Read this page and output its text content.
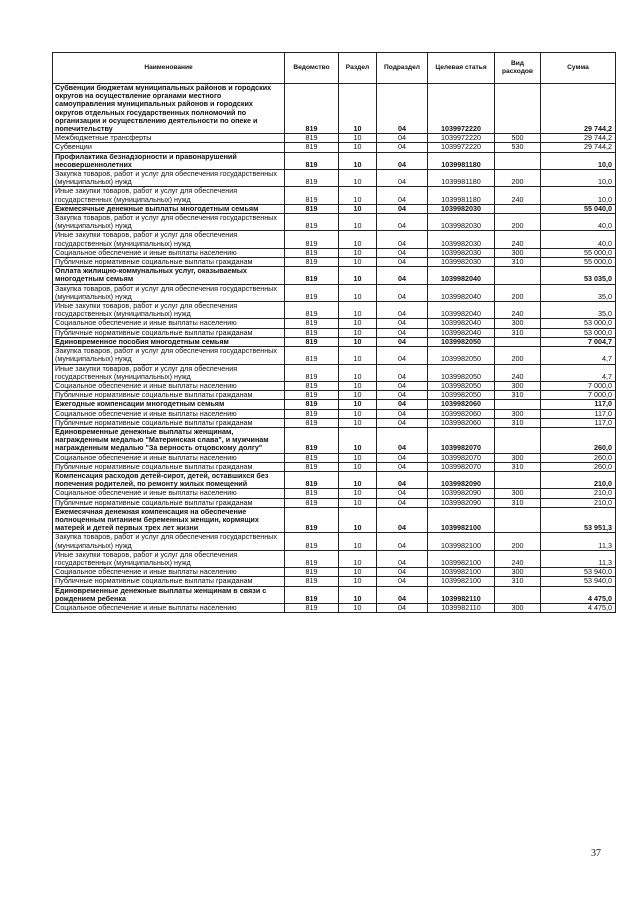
Наименование	Ведомство	Раздел	Подраздел	Целевая статья	Вид расходов	Сумма
Субвенции бюджетам муниципальных районов и городских округов на осуществление органами местного самоуправления муниципальных районов и городских округов отдельных государственных полномочий по организации и осуществлению деятельности по опеке и попечительству	819	10	04	1039972220		29 744,2
Межбюджетные трансферты	819	10	04	1039972220	500	29 744,2
Субвенции	819	10	04	1039972220	530	29 744,2
Профилактика безнадзорности и правонарушений несовершеннолетних	819	10	04	1039981180		10,0
Закупка товаров, работ и услуг для обеспечения государственных (муниципальных) нужд	819	10	04	1039981180	200	10,0
Иные закупки товаров, работ и услуг для обеспечения государственных (муниципальных) нужд	819	10	04	1039981180	240	10,0
Ежемесячные денежные выплаты многодетным семьям	819	10	04	1039982030		55 040,0
Закупка товаров, работ и услуг для обеспечения государственных (муниципальных) нужд	819	10	04	1039982030	200	40,0
Иные закупки товаров, работ и услуг для обеспечения государственных (муниципальных) нужд	819	10	04	1039982030	240	40,0
Социальное обеспечение и иные выплаты населению	819	10	04	1039982030	300	55 000,0
Публичные нормативные социальные выплаты гражданам	819	10	04	1039982030	310	55 000,0
Оплата жилищно-коммунальных услуг, оказываемых многодетным семьям	819	10	04	1039982040		53 035,0
Закупка товаров, работ и услуг для обеспечения государственных (муниципальных) нужд	819	10	04	1039982040	200	35,0
Иные закупки товаров, работ и услуг для обеспечения государственных (муниципальных) нужд	819	10	04	1039982040	240	35,0
Социальное обеспечение и иные выплаты населению	819	10	04	1039982040	300	53 000,0
Публичные нормативные социальные выплаты гражданам	819	10	04	1039982040	310	53 000,0
Единовременное пособия многодетным семьям	819	10	04	1039982050		7 004,7
Закупка товаров, работ и услуг для обеспечения государственных (муниципальных) нужд	819	10	04	1039982050	200	4,7
Иные закупки товаров, работ и услуг для обеспечения государственных (муниципальных) нужд	819	10	04	1039982050	240	4,7
Социальное обеспечение и иные выплаты населению	819	10	04	1039982050	300	7 000,0
Публичные нормативные социальные выплаты гражданам	819	10	04	1039982050	310	7 000,0
Ежегодные компенсации многодетным семьям	819	10	04	1039982060		117,0
Социальное обеспечение и иные выплаты населению	819	10	04	1039982060	300	117,0
Публичные нормативные социальные выплаты гражданам	819	10	04	1039982060	310	117,0
Единовременные денежные выплаты женщинам, награжденным медалью "Материнская слава", и мужчинам награжденным медалью "За верность отцовскому долгу"	819	10	04	1039982070		260,0
Социальное обеспечение и иные выплаты населению	819	10	04	1039982070	300	260,0
Публичные нормативные социальные выплаты гражданам	819	10	04	1039982070	310	260,0
Компенсация расходов детей-сирот, детей, оставшихся без попечения родителей, по ремонту жилых помещений	819	10	04	1039982090		210,0
Социальное обеспечение и иные выплаты населению	819	10	04	1039982090	300	210,0
Публичные нормативные социальные выплаты гражданам	819	10	04	1039982090	310	210,0
Ежемесячная денежная компенсация на обеспечение полноценным питанием беременных женщин, кормящих матерей и детей первых трех лет жизни	819	10	04	1039982100		53 951,3
Закупка товаров, работ и услуг для обеспечения государственных (муниципальных) нужд	819	10	04	1039982100	200	11,3
Иные закупки товаров, работ и услуг для обеспечения государственных (муниципальных) нужд	819	10	04	1039982100	240	11,3
Социальное обеспечение и иные выплаты населению	819	10	04	1039982100	300	53 940,0
Публичные нормативные социальные выплаты гражданам	819	10	04	1039982100	310	53 940,0
Единовременные денежные выплаты женщинам в связи с рождением ребенка	819	10	04	1039982110		4 475,0
Социальное обеспечение и иные выплаты населению	819	10	04	1039982110	300	4 475,0
37
